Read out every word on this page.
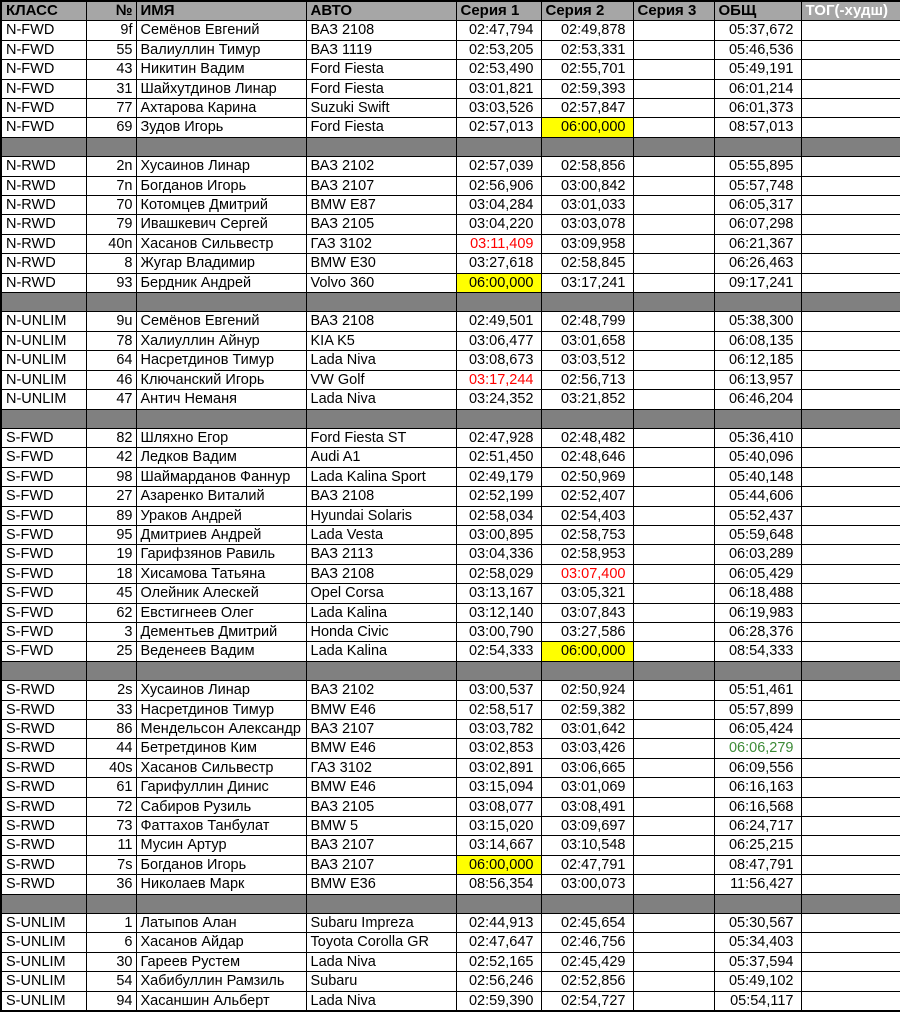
КЛАСС	№	ИМЯ	АВТО	Серия 1	Серия 2	Серия 3	ОБЩ	ТОГ(-худш)
N-FWD	9f	Семёнов Евгений	ВАЗ 2108	02:47,794	02:49,878		05:37,672	
N-FWD	55	Валиуллин Тимур	ВАЗ 1119	02:53,205	02:53,331		05:46,536	
N-FWD	43	Никитин Вадим	Ford Fiesta	02:53,490	02:55,701		05:49,191	
N-FWD	31	Шайхутдинов Линар	Ford Fiesta	03:01,821	02:59,393		06:01,214	
N-FWD	77	Ахтарова Карина	Suzuki Swift	03:03,526	02:57,847		06:01,373	
N-FWD	69	Зудов Игорь	Ford Fiesta	02:57,013	06:00,000		08:57,013	

N-RWD	2n	Хусаинов Линар	ВАЗ 2102	02:57,039	02:58,856		05:55,895	
N-RWD	7n	Богданов Игорь	ВАЗ 2107	02:56,906	03:00,842		05:57,748	
N-RWD	70	Котомцев Дмитрий	BMW E87	03:04,284	03:01,033		06:05,317	
N-RWD	79	Ивашкевич Сергей	ВАЗ 2105	03:04,220	03:03,078		06:07,298	
N-RWD	40n	Хасанов Сильвестр	ГАЗ 3102	03:11,409	03:09,958		06:21,367	
N-RWD	8	Жугар Владимир	BMW E30	03:27,618	02:58,845		06:26,463	
N-RWD	93	Бердник Андрей	Volvo 360	06:00,000	03:17,241		09:17,241	

N-UNLIM	9u	Семёнов Евгений	ВАЗ 2108	02:49,501	02:48,799		05:38,300	
N-UNLIM	78	Халиуллин Айнур	KIA K5	03:06,477	03:01,658		06:08,135	
N-UNLIM	64	Насретдинов Тимур	Lada Niva	03:08,673	03:03,512		06:12,185	
N-UNLIM	46	Ключанский Игорь	VW Golf	03:17,244	02:56,713		06:13,957	
N-UNLIM	47	Антич Неманя	Lada Niva	03:24,352	03:21,852		06:46,204	

S-FWD	82	Шляхно Егор	Ford Fiesta ST	02:47,928	02:48,482		05:36,410	
S-FWD	42	Ледков Вадим	Audi A1	02:51,450	02:48,646		05:40,096	
S-FWD	98	Шаймарданов Фаннур	Lada Kalina Sport	02:49,179	02:50,969		05:40,148	
S-FWD	27	Азаренко Виталий	ВАЗ 2108	02:52,199	02:52,407		05:44,606	
S-FWD	89	Ураков Андрей	Hyundai Solaris	02:58,034	02:54,403		05:52,437	
S-FWD	95	Дмитриев Андрей	Lada Vesta	03:00,895	02:58,753		05:59,648	
S-FWD	19	Гарифзянов Равиль	ВАЗ 2113	03:04,336	02:58,953		06:03,289	
S-FWD	18	Хисамова Татьяна	ВАЗ 2108	02:58,029	03:07,400		06:05,429	
S-FWD	45	Олейник Алескей	Opel Corsa	03:13,167	03:05,321		06:18,488	
S-FWD	62	Евстигнеев Олег	Lada Kalina	03:12,140	03:07,843		06:19,983	
S-FWD	3	Дементьев Дмитрий	Honda Civic	03:00,790	03:27,586		06:28,376	
S-FWD	25	Веденеев Вадим	Lada Kalina	02:54,333	06:00,000		08:54,333	

S-RWD	2s	Хусаинов Линар	ВАЗ 2102	03:00,537	02:50,924		05:51,461	
S-RWD	33	Насретдинов Тимур	BMW E46	02:58,517	02:59,382		05:57,899	
S-RWD	86	Мендельсон Александр	ВАЗ 2107	03:03,782	03:01,642		06:05,424	
S-RWD	44	Бетретдинов Ким	BMW E46	03:02,853	03:03,426		06:06,279	
S-RWD	40s	Хасанов Сильвестр	ГАЗ 3102	03:02,891	03:06,665		06:09,556	
S-RWD	61	Гарифуллин Динис	BMW E46	03:15,094	03:01,069		06:16,163	
S-RWD	72	Сабиров Рузиль	ВАЗ 2105	03:08,077	03:08,491		06:16,568	
S-RWD	73	Фаттахов Танбулат	BMW 5	03:15,020	03:09,697		06:24,717	
S-RWD	11	Мусин Артур	ВАЗ 2107	03:14,667	03:10,548		06:25,215	
S-RWD	7s	Богданов Игорь	ВАЗ 2107	06:00,000	02:47,791		08:47,791	
S-RWD	36	Николаев Марк	BMW E36	08:56,354	03:00,073		11:56,427	

S-UNLIM	1	Латыпов Алан	Subaru Impreza	02:44,913	02:45,654		05:30,567	
S-UNLIM	6	Хасанов Айдар	Toyota Corolla GR	02:47,647	02:46,756		05:34,403	
S-UNLIM	30	Гареев Рустем	Lada Niva	02:52,165	02:45,429		05:37,594	
S-UNLIM	54	Хабибуллин Рамзиль	Subaru	02:56,246	02:52,856		05:49,102	
S-UNLIM	94	Хасаншин Альберт	Lada Niva	02:59,390	02:54,727		05:54,117	
